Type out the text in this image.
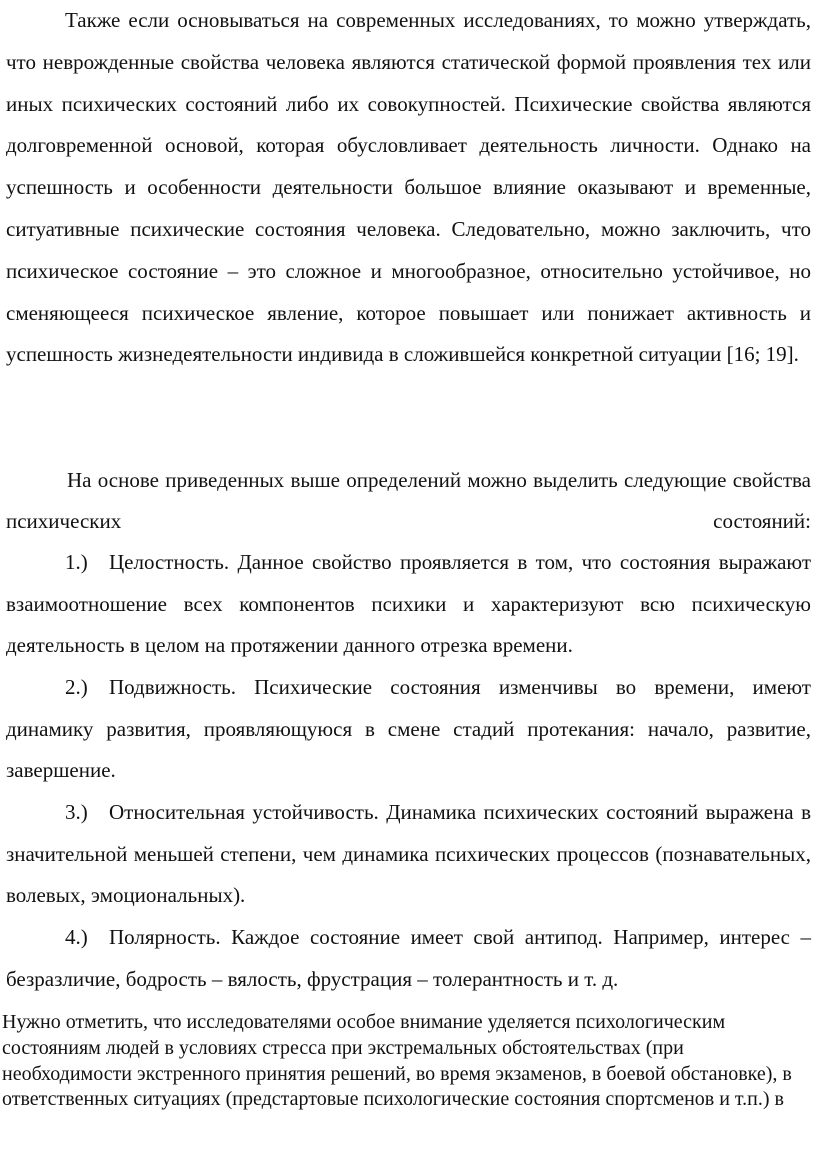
Также если основываться на современных исследованиях, то можно утверждать, что неврожденные свойства человека являются статической формой проявления тех или иных психических состояний либо их совокупностей. Психические свойства являются долговременной основой, которая обусловливает деятельность личности. Однако на успешность и особенности деятельности большое влияние оказывают и временные, ситуативные психические состояния человека. Следовательно, можно заключить, что психическое состояние – это сложное и многообразное, относительно устойчивое, но сменяющееся психическое явление, которое повышает или понижает активность и успешность жизнедеятельности индивида в сложившейся конкретной ситуации [16; 19].

На основе приведенных выше определений можно выделить следующие свойства психических состояний:

1.) Целостность. Данное свойство проявляется в том, что состояния выражают взаимоотношение всех компонентов психики и характеризуют всю психическую деятельность в целом на протяжении данного отрезка времени.

2.) Подвижность. Психические состояния изменчивы во времени, имеют динамику развития, проявляющуюся в смене стадий протекания: начало, развитие, завершение.

3.) Относительная устойчивость. Динамика психических состояний выражена в значительной меньшей степени, чем динамика психических процессов (познавательных, волевых, эмоциональных).

4.) Полярность. Каждое состояние имеет свой антипод. Например, интерес – безразличие, бодрость – вялость, фрустрация – толерантность и т. д.

Нужно отметить, что исследователями особое внимание уделяется психологическим состояниям людей в условиях стресса при экстремальных обстоятельствах (при необходимости экстренного принятия решений, во время экзаменов, в боевой обстановке), в ответственных ситуациях (предстартовые психологические состояния спортсменов и т.п.) в
